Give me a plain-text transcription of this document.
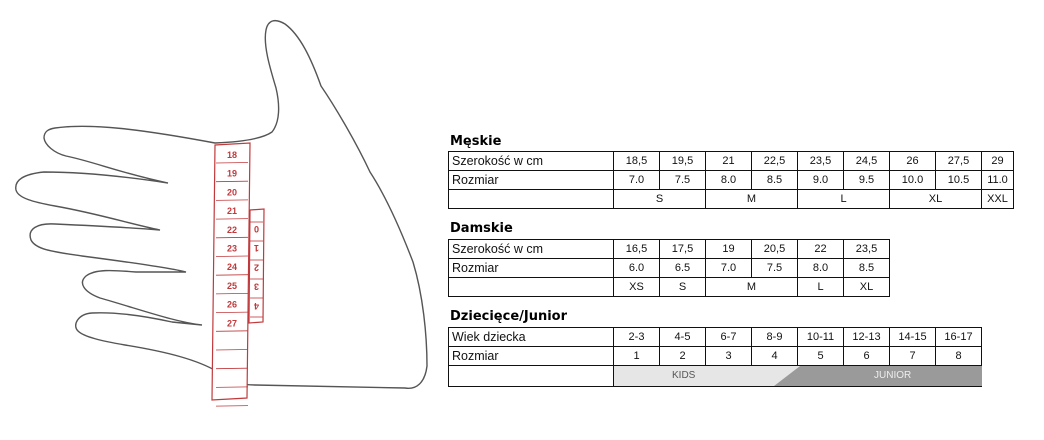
18
19
20
21
22
23
24
25
26
27
0
1
2
3
4
Męskie
Szerokość w cm	18,5	19,5	21	22,5	23,5	24,5	26	27,5	29
Rozmiar	7.0	7.5	8.0	8.5	9.0	9.5	10.0	10.5	11.0
	S		M		L		XL		XXL
Damskie
Szerokość w cm	16,5	17,5	19	20,5	22	23,5
Rozmiar	6.0	6.5	7.0	7.5	8.0	8.5
	XS	S	M		L	XL
Dziecięce/Junior
Wiek dziecka	2-3	4-5	6-7	8-9	10-11	12-13	14-15	16-17
Rozmiar	1	2	3	4	5	6	7	8

	KIDS JUNIOR							
